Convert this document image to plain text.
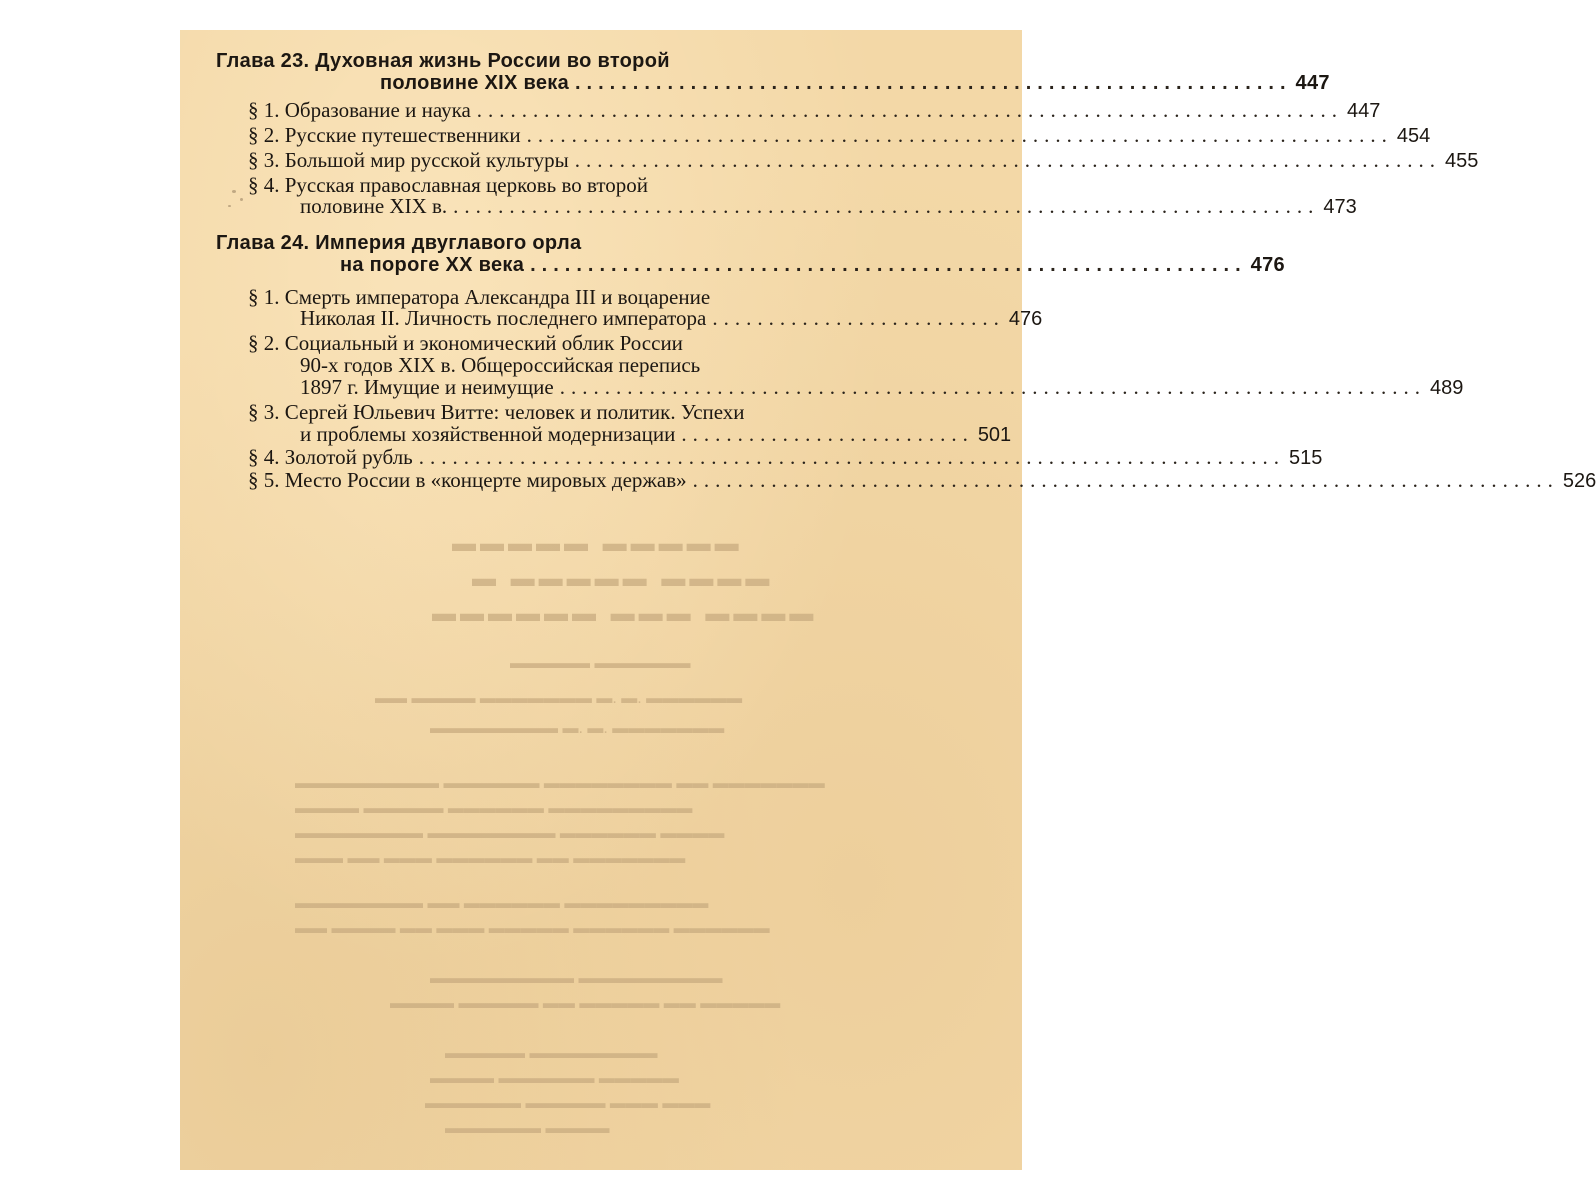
▬▬▬▬▬ ▬▬▬▬▬
▬ ▬▬▬▬▬ ▬▬▬▬
▬▬▬▬▬▬ ▬▬▬ ▬▬▬▬
▬▬▬▬▬ ▬▬▬▬▬▬
▬▬ ▬▬▬▬ ▬▬▬▬▬▬▬ ▬. ▬. ▬▬▬▬▬▬
▬▬▬▬▬▬▬▬ ▬. ▬. ▬▬▬▬▬▬▬
▬▬▬▬▬▬▬▬▬ ▬▬▬▬▬▬ ▬▬▬▬▬▬▬▬ ▬▬ ▬▬▬▬▬▬▬
▬▬▬▬ ▬▬▬▬▬ ▬▬▬▬▬▬ ▬▬▬▬▬▬▬▬▬
▬▬▬▬▬▬▬▬ ▬▬▬▬▬▬▬▬ ▬▬▬▬▬▬ ▬▬▬▬
▬▬▬ ▬▬ ▬▬▬ ▬▬▬▬▬▬ ▬▬ ▬▬▬▬▬▬▬
▬▬▬▬▬▬▬▬ ▬▬ ▬▬▬▬▬▬ ▬▬▬▬▬▬▬▬▬
▬▬ ▬▬▬▬ ▬▬ ▬▬▬ ▬▬▬▬▬ ▬▬▬▬▬▬ ▬▬▬▬▬▬
▬▬▬▬▬▬▬▬▬ ▬▬▬▬▬▬▬▬▬
▬▬▬▬ ▬▬▬▬▬ ▬▬ ▬▬▬▬▬ ▬▬ ▬▬▬▬▬
▬▬▬▬▬ ▬▬▬▬▬▬▬▬
▬▬▬▬ ▬▬▬▬▬▬ ▬▬▬▬▬
▬▬▬▬▬▬ ▬▬▬▬▬ ▬▬▬ ▬▬▬
▬▬▬▬▬▬ ▬▬▬▬
Глава 23. Духовная жизнь России во второй
половине XIX века .............................................................. 447
§ 1.
Образование и наука ............................................................................. 447
§ 2.
Русские путешественники ............................................................................. 454
§ 3.
Большой мир русской культуры ............................................................................. 455
§ 4. Русская православная церковь во второй
половине XIX в. ............................................................................. 473
Глава 24. Империя двуглавого орла
на пороге XX века .............................................................. 476
§ 1. Смерть императора Александра III и воцарение
Николая II. Личность последнего императора .......................... 476
§ 2. Социальный и экономический облик России
90-х годов XIX в. Общероссийская перепись
1897 г. Имущие и неимущие ............................................................................. 489
§ 3. Сергей Юльевич Витте: человек и политик. Успехи
и проблемы хозяйственной модернизации .......................... 501
§ 4.
Золотой рубль ............................................................................. 515
§ 5.
Место России в «концерте мировых держав» ............................................................................. 526
